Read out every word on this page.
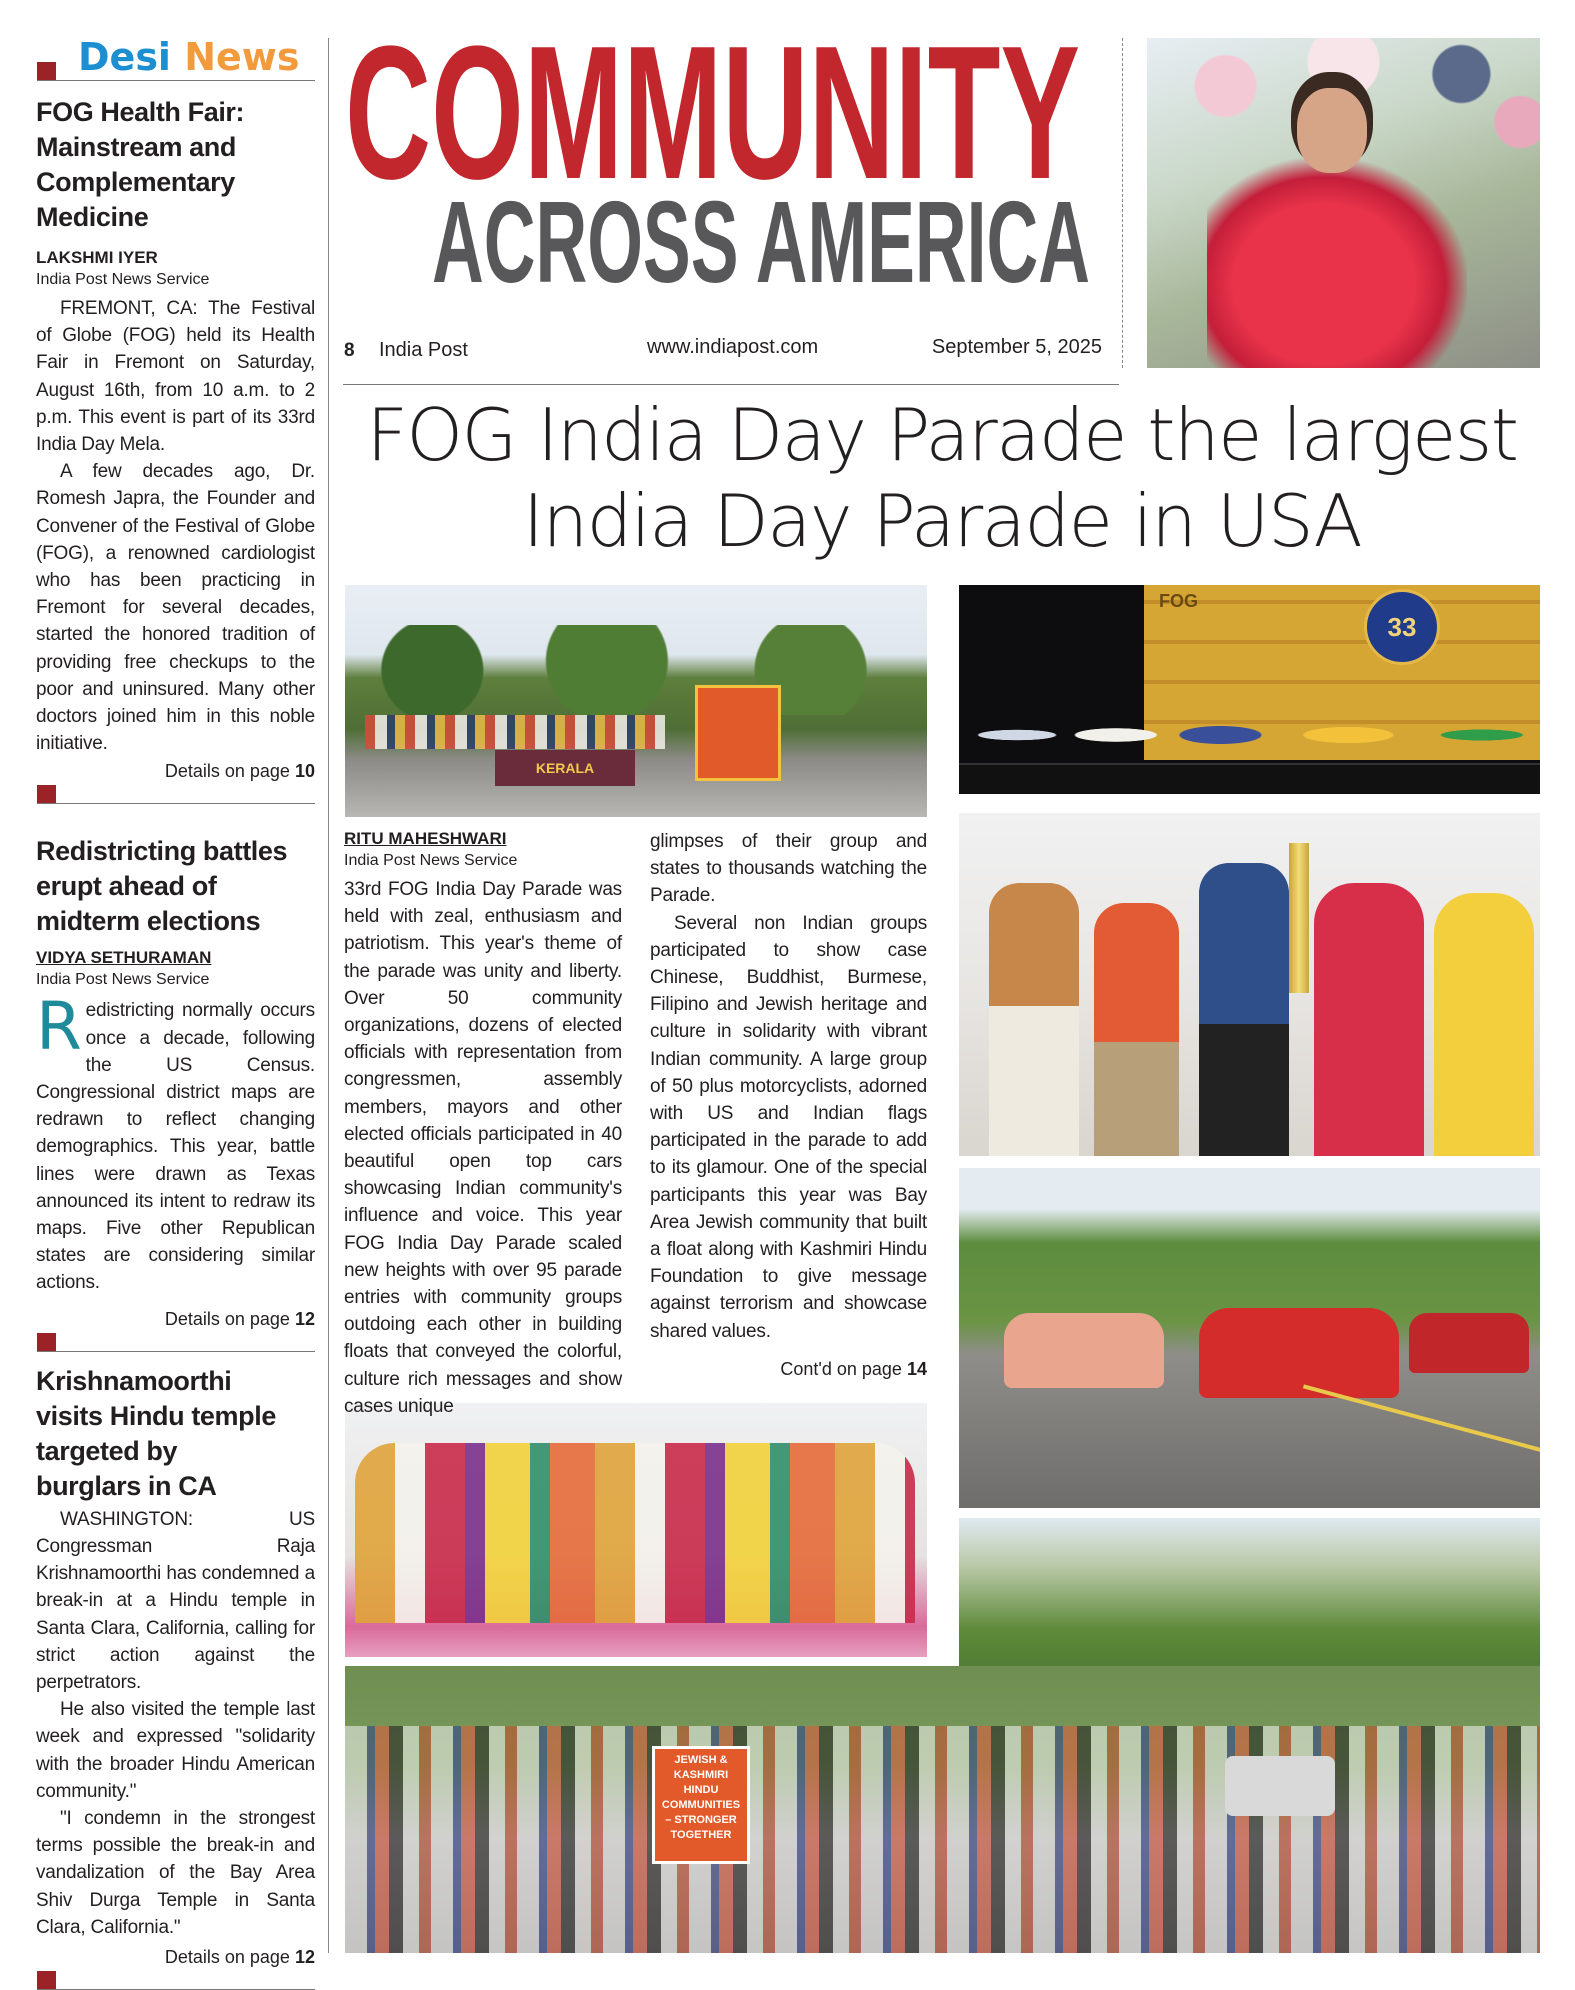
Desi News
FOG Health Fair:
Mainstream and
Complementary
Medicine
LAKSHMI IYER
India Post News Service

FREMONT, CA: The Festival of Globe (FOG) held its Health Fair in Fremont on Saturday, August 16th, from 10 a.m. to 2 p.m. This event is part of its 33rd India Day Mela.

A few decades ago, Dr. Romesh Japra, the Founder and Convener of the Festival of Globe (FOG), a renowned cardiologist who has been practicing in Fremont for several decades, started the honored tradition of providing free checkups to the poor and uninsured. Many other doctors joined him in this noble initiative.

Details on page 10
Redistricting battles
erupt ahead of
midterm elections
VIDYA SETHURAMAN
India Post News Service
R edistricting normally occurs once a decade, following the US Census. Congressional district maps are redrawn to reflect changing demographics. This year, battle lines were drawn as Texas announced its intent to redraw its maps. Five other Republican states are considering similar actions.

Details on page 12
Krishnamoorthi
visits Hindu temple
targeted by
burglars in CA

WASHINGTON: US Congressman Raja Krishnamoorthi has condemned a break-in at a Hindu temple in Santa Clara, California, calling for strict action against the perpetrators.

He also visited the temple last week and expressed "solidarity with the broader Hindu American community."

"I condemn in the strongest terms possible the break-in and vandalization of the Bay Area Shiv Durga Temple in Santa Clara, California."

Details on page 12
COMMUNITY
ACROSS AMERICA
8 India Post	www.indiapost.com	September 5, 2025
FOG India Day Parade the largest
India Day Parade in USA
KERALA
33
FOG
JEWISH &
KASHMIRI
HINDU
COMMUNITIES
– STRONGER
TOGETHER
RITU MAHESHWARI
India Post News Service

33rd FOG India Day Parade was held with zeal, enthusiasm and patriotism. This year's theme of the parade was unity and liberty. Over 50 community organizations, dozens of elected officials with representation from congressmen, assembly members, mayors and other elected officials participated in 40 beautiful open top cars showcasing Indian community's influence and voice. This year FOG India Day Parade scaled new heights with over 95 parade entries with community groups outdoing each other in building floats that conveyed the colorful, culture rich messages and show cases unique

glimpses of their group and states to thousands watching the Parade.

Several non Indian groups participated to show case Chinese, Buddhist, Burmese, Filipino and Jewish heritage and culture in solidarity with vibrant Indian community. A large group of 50 plus motorcyclists, adorned with US and Indian flags participated in the parade to add to its glamour. One of the special participants this year was Bay Area Jewish community that built a float along with Kashmiri Hindu Foundation to give message against terrorism and showcase shared values.

Cont'd on page 14
